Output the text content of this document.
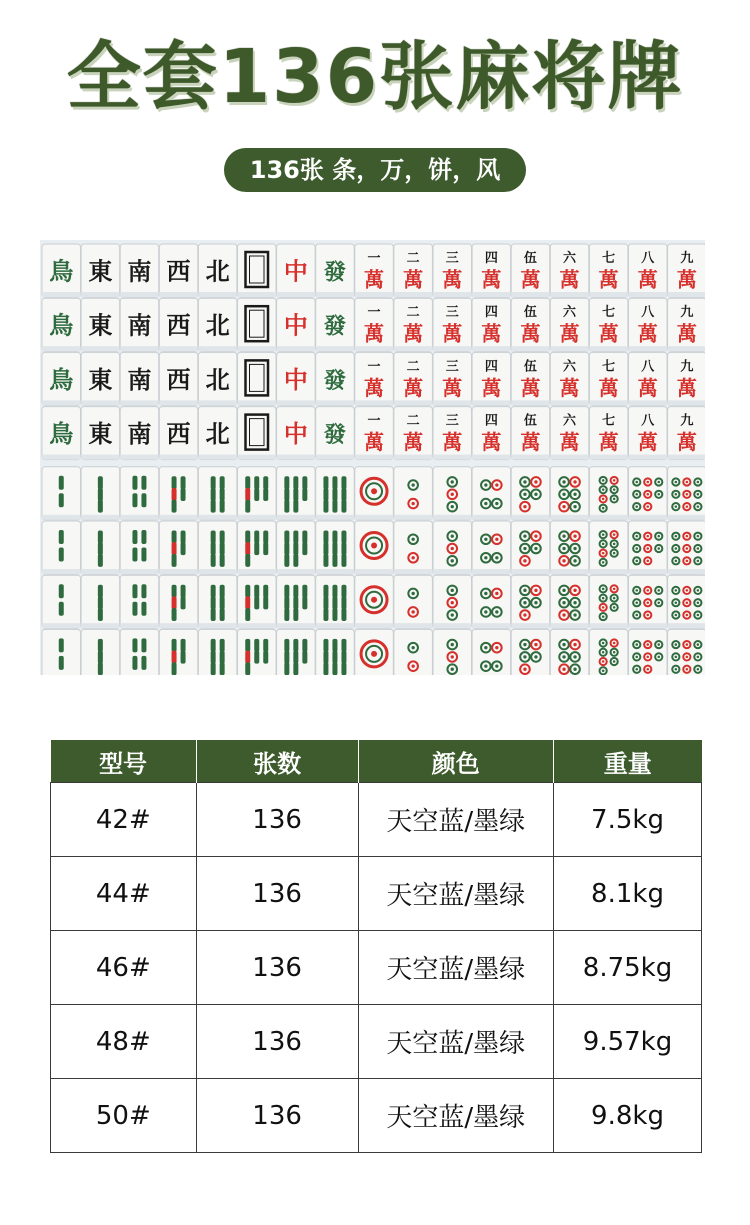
全套136张麻将牌
136张 条，万，饼，风
鳥 東 南 西 北 中 發
一
萬
二
萬
三
萬
四
萬
伍
萬
六
萬
七
萬
八
萬
九
萬
鳥 東 南 西 北 中 發
一
萬
二
萬
三
萬
四
萬
伍
萬
六
萬
七
萬
八
萬
九
萬
鳥 東 南 西 北 中 發
一
萬
二
萬
三
萬
四
萬
伍
萬
六
萬
七
萬
八
萬
九
萬
鳥 東 南 西 北 中 發
一
萬
二
萬
三
萬
四
萬
伍
萬
六
萬
七
萬
八
萬
九
萬
型号	张数	颜色	重量
42#	136	天空蓝/墨绿	7.5kg
44#	136	天空蓝/墨绿	8.1kg
46#	136	天空蓝/墨绿	8.75kg
48#	136	天空蓝/墨绿	9.57kg
50#	136	天空蓝/墨绿	9.8kg
